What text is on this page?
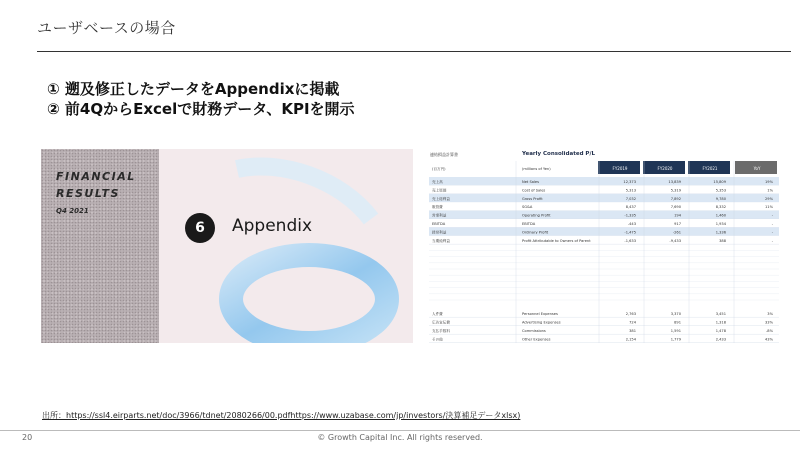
ユーザベースの場合
① 遡及修正したデータをAppendixに掲載
② 前4QからExcelで財務データ、KPIを開示
FINANCIAL
RESULTS
Q4 2021
6	Appendix
連結損益計算書	Yearly Consolidated P/L
(百万円)	(millions of Yen)	FY2019	FY2020	FY2021	YoY
売上高	Net Sales	12,373	13,839	15,809	19%
売上原価	Cost of Sales	5,313	5,319	5,353	1%
売上総利益	Gross Profit	7,032	7,892	9,780	29%
販管費	SG&A	8,437	7,690	8,332	11%
営業利益	Operating Profit	-1,335	194	1,460	-
EBITDA	EBITDA	-443	917	1,934	-
経常利益	Ordinary Profit	-1,475	-261	1,336	-
当期純利益	Profit Attributable to Owners of Parent	-1,633	-9,433	388	-
人件費	Personnel Expenses	2,763	3,370	3,451	3%
広告宣伝費	Advertising Expenses	724	891	1,318	33%
支払手数料	Commissions	381	1,591	1,478	-8%
その他	Other Expenses	2,154	1,779	2,433	43%
出所：https://ssl4.eirparts.net/doc/3966/tdnet/2080266/00.pdfhttps://www.uzabase.com/jp/investors/決算補足データxlsx)
20	© Growth Capital Inc. All rights reserved.
